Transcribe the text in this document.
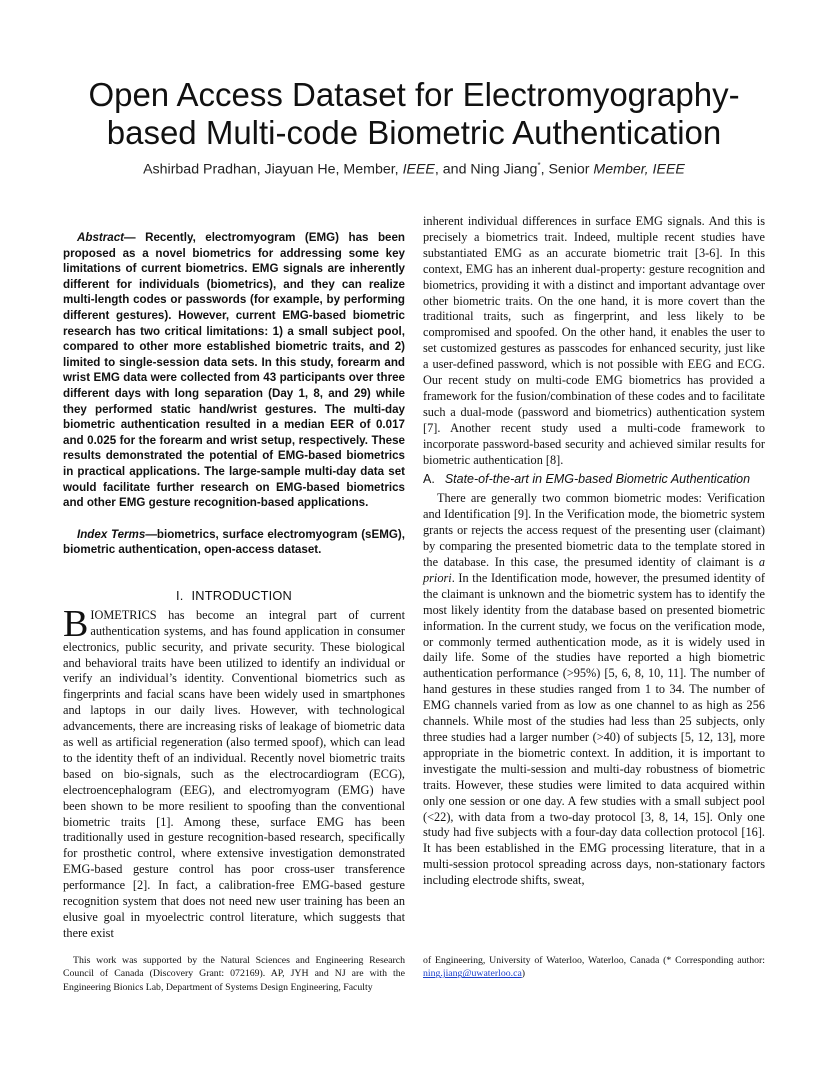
Open Access Dataset for Electromyography-
based Multi-code Biometric Authentication
Ashirbad Pradhan, Jiayuan He, Member, IEEE, and Ning Jiang*, Senior Member, IEEE

Abstract— Recently, electromyogram (EMG) has been proposed as a novel biometrics for addressing some key limitations of current biometrics. EMG signals are inherently different for individuals (biometrics), and they can realize multi-length codes or passwords (for example, by performing different gestures). However, current EMG-based biometric research has two critical limitations: 1) a small subject pool, compared to other more established biometric traits, and 2) limited to single-session data sets. In this study, forearm and wrist EMG data were collected from 43 participants over three different days with long separation (Day 1, 8, and 29) while they performed static hand/wrist gestures. The multi-day biometric authentication resulted in a median EER of 0.017 and 0.025 for the forearm and wrist setup, respectively. These results demonstrated the potential of EMG-based biometrics in practical applications. The large-sample multi-day data set would facilitate further research on EMG-based biometrics and other EMG gesture recognition-based applications.

Index Terms—biometrics, surface electromyogram (sEMG), biometric authentication, open-access dataset.

I. INTRODUCTION

BIOMETRICS has become an integral part of current authentication systems, and has found application in consumer electronics, public security, and private security. These biological and behavioral traits have been utilized to identify an individual or verify an individual’s identity. Conventional biometrics such as fingerprints and facial scans have been widely used in smartphones and laptops in our daily lives. However, with technological advancements, there are increasing risks of leakage of biometric data as well as artificial regeneration (also termed spoof), which can lead to the identity theft of an individual. Recently novel biometric traits based on bio-signals, such as the electrocardiogram (ECG), electroencephalogram (EEG), and electromyogram (EMG) have been shown to be more resilient to spoofing than the conventional biometric traits [1]. Among these, surface EMG has been traditionally used in gesture recognition-based research, specifically for prosthetic control, where extensive investigation demonstrated EMG-based gesture control has poor cross-user transference performance [2]. In fact, a calibration-free EMG-based gesture recognition system that does not need new user training has been an elusive goal in myoelectric control literature, which suggests that there exist

inherent individual differences in surface EMG signals. And this is precisely a biometrics trait. Indeed, multiple recent studies have substantiated EMG as an accurate biometric trait [3-6]. In this context, EMG has an inherent dual-property: gesture recognition and biometrics, providing it with a distinct and important advantage over other biometric traits. On the one hand, it is more covert than the traditional traits, such as fingerprint, and less likely to be compromised and spoofed. On the other hand, it enables the user to set customized gestures as passcodes for enhanced security, just like a user-defined password, which is not possible with EEG and ECG. Our recent study on multi-code EMG biometrics has provided a framework for the fusion/combination of these codes and to facilitate such a dual-mode (password and biometrics) authentication system [7]. Another recent study used a multi-code framework to incorporate password-based security and achieved similar results for biometric authentication [8].

A. State-of-the-art in EMG-based Biometric Authentication

There are generally two common biometric modes: Verification and Identification [9]. In the Verification mode, the biometric system grants or rejects the access request of the presenting user (claimant) by comparing the presented biometric data to the template stored in the database. In this case, the presumed identity of claimant is a priori. In the Identification mode, however, the presumed identity of the claimant is unknown and the biometric system has to identify the most likely identity from the database based on presented biometric information. In the current study, we focus on the verification mode, or commonly termed authentication mode, as it is widely used in daily life. Some of the studies have reported a high biometric authentication performance (>95%) [5, 6, 8, 10, 11]. The number of hand gestures in these studies ranged from 1 to 34. The number of EMG channels varied from as low as one channel to as high as 256 channels. While most of the studies had less than 25 subjects, only three studies had a larger number (>40) of subjects [5, 12, 13], more appropriate in the biometric context. In addition, it is important to investigate the multi-session and multi-day robustness of biometric traits. However, these studies were limited to data acquired within only one session or one day. A few studies with a small subject pool (<22), with data from a two-day protocol [3, 8, 14, 15]. Only one study had five subjects with a four-day data collection protocol [16]. It has been established in the EMG processing literature, that in a multi-session protocol spreading across days, non-stationary factors including electrode shifts, sweat,

This work was supported by the Natural Sciences and Engineering Research Council of Canada (Discovery Grant: 072169). AP, JYH and NJ are with the Engineering Bionics Lab, Department of Systems Design Engineering, Faculty

of Engineering, University of Waterloo, Waterloo, Canada (* Corresponding author: ning.jiang@uwaterloo.ca)
